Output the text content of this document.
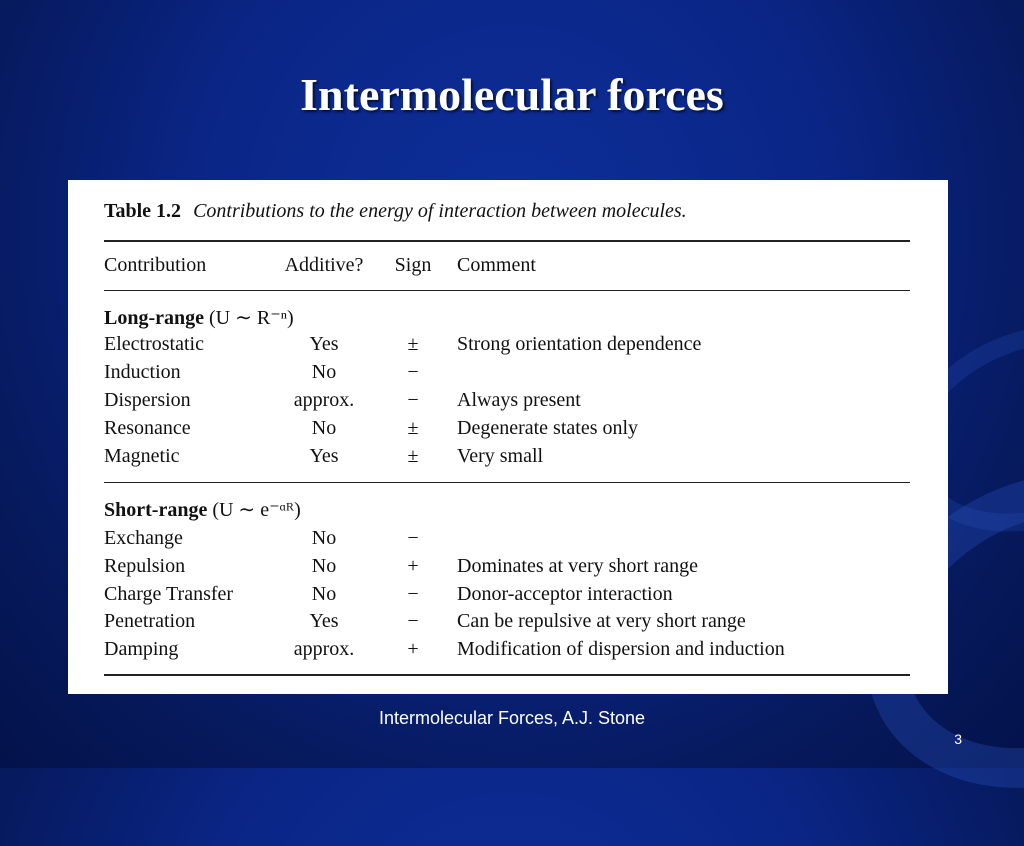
Intermolecular forces
Table 1.2 Contributions to the energy of interaction between molecules.
Contribution	Additive?	Sign	Comment
Long-range (U ∼ R⁻ⁿ)
Electrostatic	Yes	±	Strong orientation dependence
Induction	No	−
Dispersion	approx.	−	Always present
Resonance	No	±	Degenerate states only
Magnetic	Yes	±	Very small
Short-range (U ∼ e⁻ᵅᴿ)
Exchange	No	−
Repulsion	No	+	Dominates at very short range
Charge Transfer	No	−	Donor-acceptor interaction
Penetration	Yes	−	Can be repulsive at very short range
Damping	approx.	+	Modification of dispersion and induction
Intermolecular Forces, A.J. Stone
3
